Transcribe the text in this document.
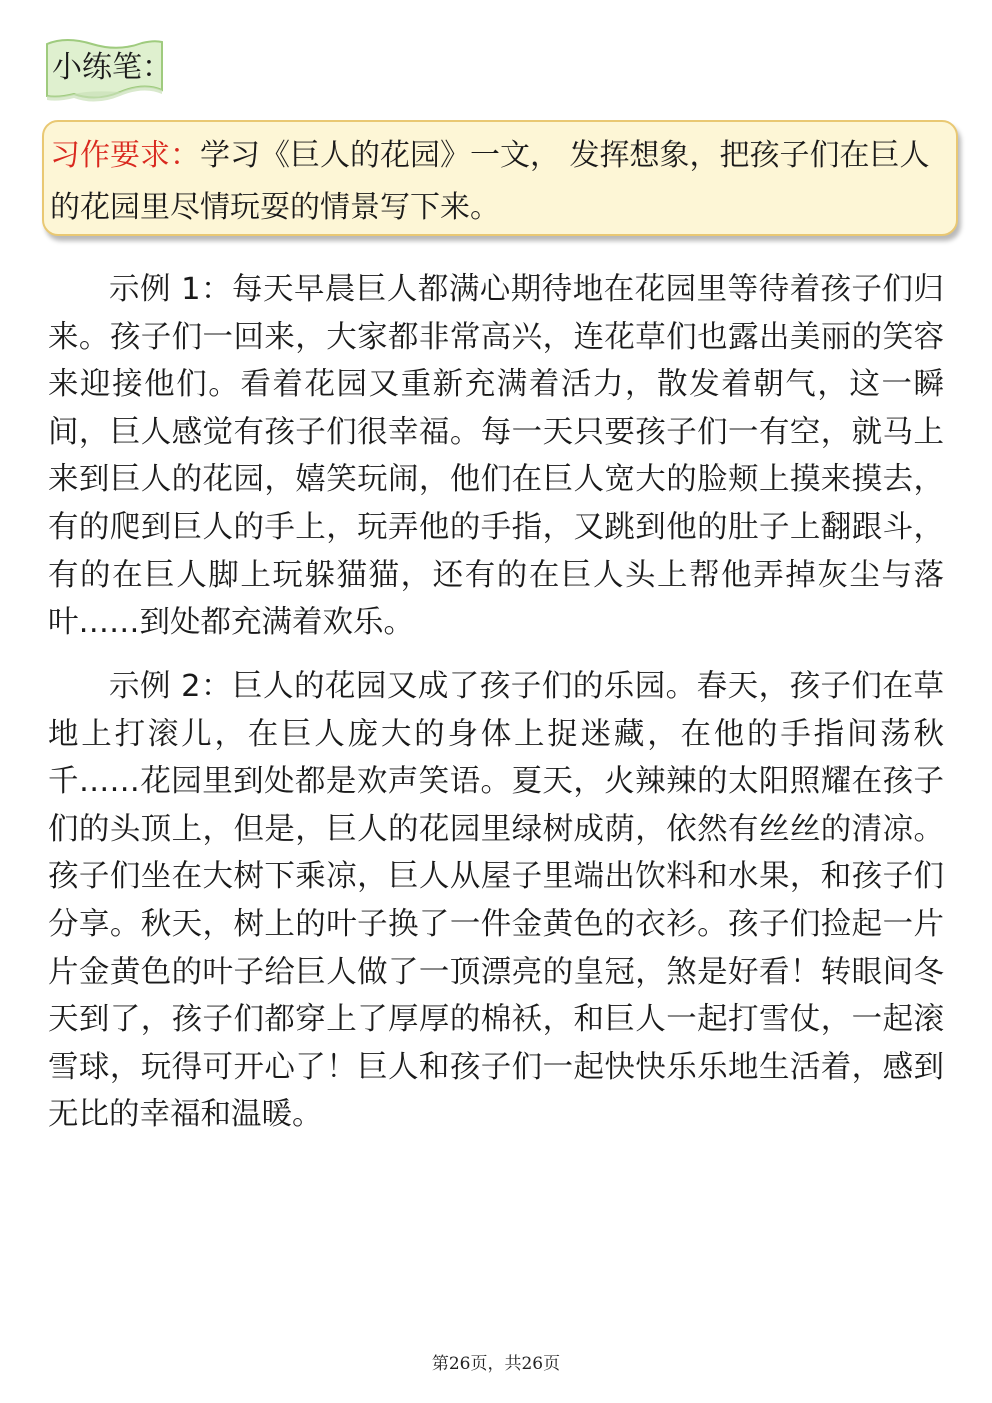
小练笔：
习作要求：学习《巨人的花园》一文， 发挥想象，把孩子们在巨人的花园里尽情玩耍的情景写下来。

示例 1：每天早晨巨人都满心期待地在花园里等待着孩子们归来。孩子们一回来，大家都非常高兴，连花草们也露出美丽的笑容来迎接他们。看着花园又重新充满着活力，散发着朝气，这一瞬间，巨人感觉有孩子们很幸福。每一天只要孩子们一有空，就马上来到巨人的花园，嬉笑玩闹，他们在巨人宽大的脸颊上摸来摸去，有的爬到巨人的手上，玩弄他的手指，又跳到他的肚子上翻跟斗，有的在巨人脚上玩躲猫猫，还有的在巨人头上帮他弄掉灰尘与落叶……到处都充满着欢乐。

示例 2：巨人的花园又成了孩子们的乐园。春天，孩子们在草地上打滚儿，在巨人庞大的身体上捉迷藏，在他的手指间荡秋千……花园里到处都是欢声笑语。夏天，火辣辣的太阳照耀在孩子们的头顶上，但是，巨人的花园里绿树成荫，依然有丝丝的清凉。孩子们坐在大树下乘凉，巨人从屋子里端出饮料和水果，和孩子们分享。秋天，树上的叶子换了一件金黄色的衣衫。孩子们捡起一片片金黄色的叶子给巨人做了一顶漂亮的皇冠，煞是好看！转眼间冬天到了，孩子们都穿上了厚厚的棉袄，和巨人一起打雪仗，一起滚雪球，玩得可开心了！巨人和孩子们一起快快乐乐地生活着，感到无比的幸福和温暖。

第26页，共26页
